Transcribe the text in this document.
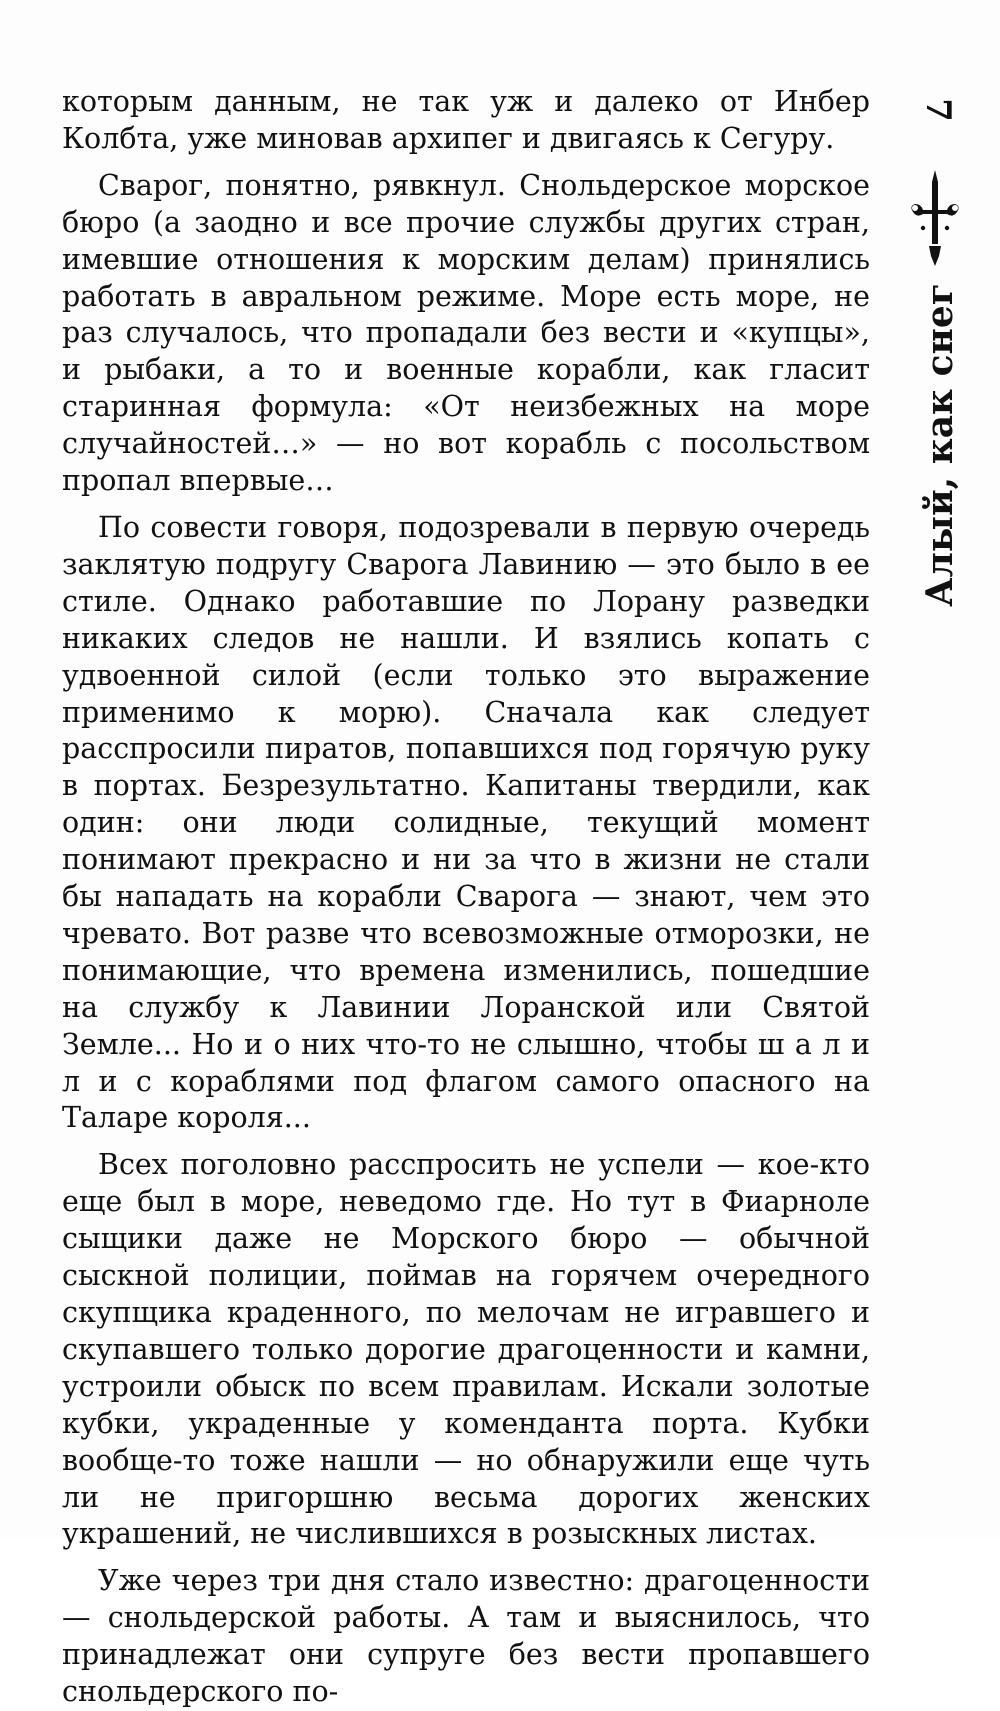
которым данным, не так уж и далеко от Инбер Колбта, уже миновав архипег и двигаясь к Сегуру.

Сварог, понятно, рявкнул. Снольдерское морское бюро (а заодно и все прочие службы других стран, имевшие отношения к морским делам) принялись работать в авральном режиме. Море есть море, не раз случалось, что пропадали без вести и «купцы», и рыбаки, а то и военные корабли, как гласит старинная формула: «От неизбежных на море случайностей…» — но вот корабль с посольством пропал впервые…

По совести говоря, подозревали в первую очередь заклятую подругу Сварога Лавинию — это было в ее стиле. Однако работавшие по Лорану разведки никаких следов не нашли. И взялись копать с удвоенной силой (если только это выражение применимо к морю). Сначала как следует расспросили пиратов, попавшихся под горячую руку в портах. Безрезультатно. Капитаны твердили, как один: они люди солидные, текущий момент понимают прекрасно и ни за что в жизни не стали бы нападать на корабли Сварога — знают, чем это чревато. Вот разве что всевозможные отморозки, не понимающие, что времена изменились, пошедшие на службу к Лавинии Лоранской или Святой Земле... Но и о них что-то не слышно, чтобы ш а л и л и с кораблями под флагом самого опасного на Таларе короля...

Всех поголовно расспросить не успели — кое-кто еще был в море, неведомо где. Но тут в Фиарноле сыщики даже не Морского бюро — обычной сыскной полиции, поймав на горячем очередного скупщика краденного, по мелочам не игравшего и скупавшего только дорогие драгоценности и камни, устроили обыск по всем правилам. Искали золотые кубки, украденные у коменданта порта. Кубки вообще-то тоже нашли — но обнаружили еще чуть ли не пригоршню весьма дорогих женских украшений, не числившихся в розыскных листах.

Уже через три дня стало известно: драгоценности — снольдерской работы. А там и выяснилось, что принадлежат они супруге без вести пропавшего снольдерского по-

7
Алый, как снег
